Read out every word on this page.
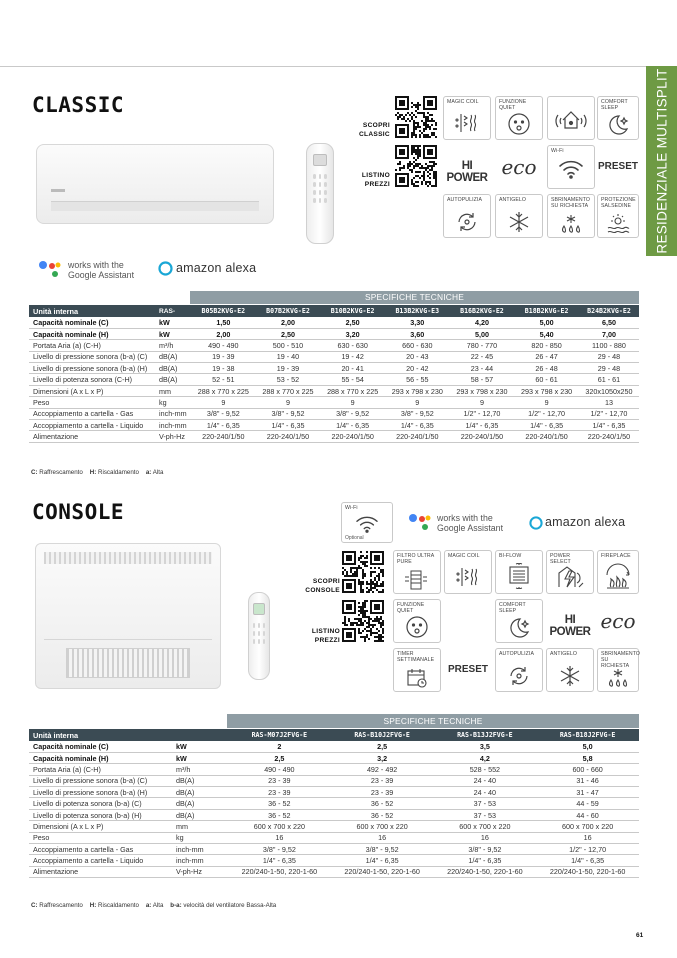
RESIDENZIALE MULTISPLIT
CLASSIC
SCOPRI
CLASSIC
LISTINO
PREZZI
MAGIC COIL	FUNZIONE QUIET
COMFORT SLEEP
HI POWER eco
Wi-Fi
PRESET
AUTOPULIZIA	ANTIGELO	SBRINAMENTO SU RICHIESTA
PROTEZIONE SALSEDINE
works with the
Google Assistant	amazon alexa
SPECIFICHE TECNICHE
Unità interna	RAS-	B05B2KVG-E2	B07B2KVG-E2	B10B2KVG-E2	B13B2KVG-E3	B16B2KVG-E2	B18B2KVG-E2	B24B2KVG-E2
Capacità nominale (C)	kW	1,50	2,00	2,50	3,30	4,20	5,00	6,50
Capacità nominale (H)	kW	2,00	2,50	3,20	3,60	5,00	5,40	7,00
Portata Aria (a) (C-H)	m³/h	490 - 490	500 - 510	630 - 630	660 - 630	780 - 770	820 - 850	1100 - 880
Livello di pressione sonora (b-a) (C)	dB(A)	19 - 39	19 - 40	19 - 42	20 - 43	22 - 45	26 - 47	29 - 48
Livello di pressione sonora (b-a) (H)	dB(A)	19 - 38	19 - 39	20 - 41	20 - 42	23 - 44	26 - 48	29 - 48
Livello di potenza sonora (C-H)	dB(A)	52 - 51	53 - 52	55 - 54	56 - 55	58 - 57	60 - 61	61 - 61
Dimensioni (A x L x P)	mm	288 x 770 x 225	288 x 770 x 225	288 x 770 x 225	293 x 798 x 230	293 x 798 x 230	293 x 798 x 230	320x1050x250
Peso	kg	9	9	9	9	9	9	13
Accoppiamento a cartella - Gas	inch-mm	3/8" - 9,52	3/8" - 9,52	3/8" - 9,52	3/8" - 9,52	1/2" - 12,70	1/2" - 12,70	1/2" - 12,70
Accoppiamento a cartella - Liquido	inch-mm	1/4" - 6,35	1/4" - 6,35	1/4" - 6,35	1/4" - 6,35	1/4" - 6,35	1/4" - 6,35	1/4" - 6,35
Alimentazione	V-ph-Hz	220-240/1/50	220-240/1/50	220-240/1/50	220-240/1/50	220-240/1/50	220-240/1/50	220-240/1/50
C: Raffrescamento H: Riscaldamento a: Alta
CONSOLE	Wi-Fi
Optional
works with the
Google Assistant	amazon alexa
SCOPRI
CONSOLE
LISTINO
PREZZI
FILTRO ULTRA PURE
MAGIC COIL	BI-FLOW	POWER SELECT
FIREPLACE
FUNZIONE QUIET
COMFORT SLEEP
HI POWER eco
TIMER SETTIMANALE
PRESET
AUTOPULIZIA	ANTIGELO	SBRINAMENTO SU RICHIESTA
SPECIFICHE TECNICHE
Unità interna		RAS-M07J2FVG-E	RAS-B10J2FVG-E	RAS-B13J2FVG-E	RAS-B18J2FVG-E
Capacità nominale (C)	kW	2	2,5	3,5	5,0
Capacità nominale (H)	kW	2,5	3,2	4,2	5,8
Portata Aria (a) (C-H)	m³/h	490 - 490	492 - 492	528 - 552	600 - 660
Livello di pressione sonora (b-a) (C)	dB(A)	23 - 39	23 - 39	24 - 40	31 - 46
Livello di pressione sonora (b-a) (H)	dB(A)	23 - 39	23 - 39	24 - 40	31 - 47
Livello di potenza sonora (b-a) (C)	dB(A)	36 - 52	36 - 52	37 - 53	44 - 59
Livello di potenza sonora (b-a) (H)	dB(A)	36 - 52	36 - 52	37 - 53	44 - 60
Dimensioni (A x L x P)	mm	600 x 700 x 220	600 x 700 x 220	600 x 700 x 220	600 x 700 x 220
Peso	kg	16	16	16	16
Accoppiamento a cartella - Gas	inch-mm	3/8" - 9,52	3/8" - 9,52	3/8" - 9,52	1/2" - 12,70
Accoppiamento a cartella - Liquido	inch-mm	1/4" - 6,35	1/4" - 6,35	1/4" - 6,35	1/4" - 6,35
Alimentazione	V-ph-Hz	220/240-1-50, 220-1-60	220/240-1-50, 220-1-60	220/240-1-50, 220-1-60	220/240-1-50, 220-1-60
C: Raffrescamento H: Riscaldamento a: Alta b-a: velocità del ventilatore Bassa-Alta
61
